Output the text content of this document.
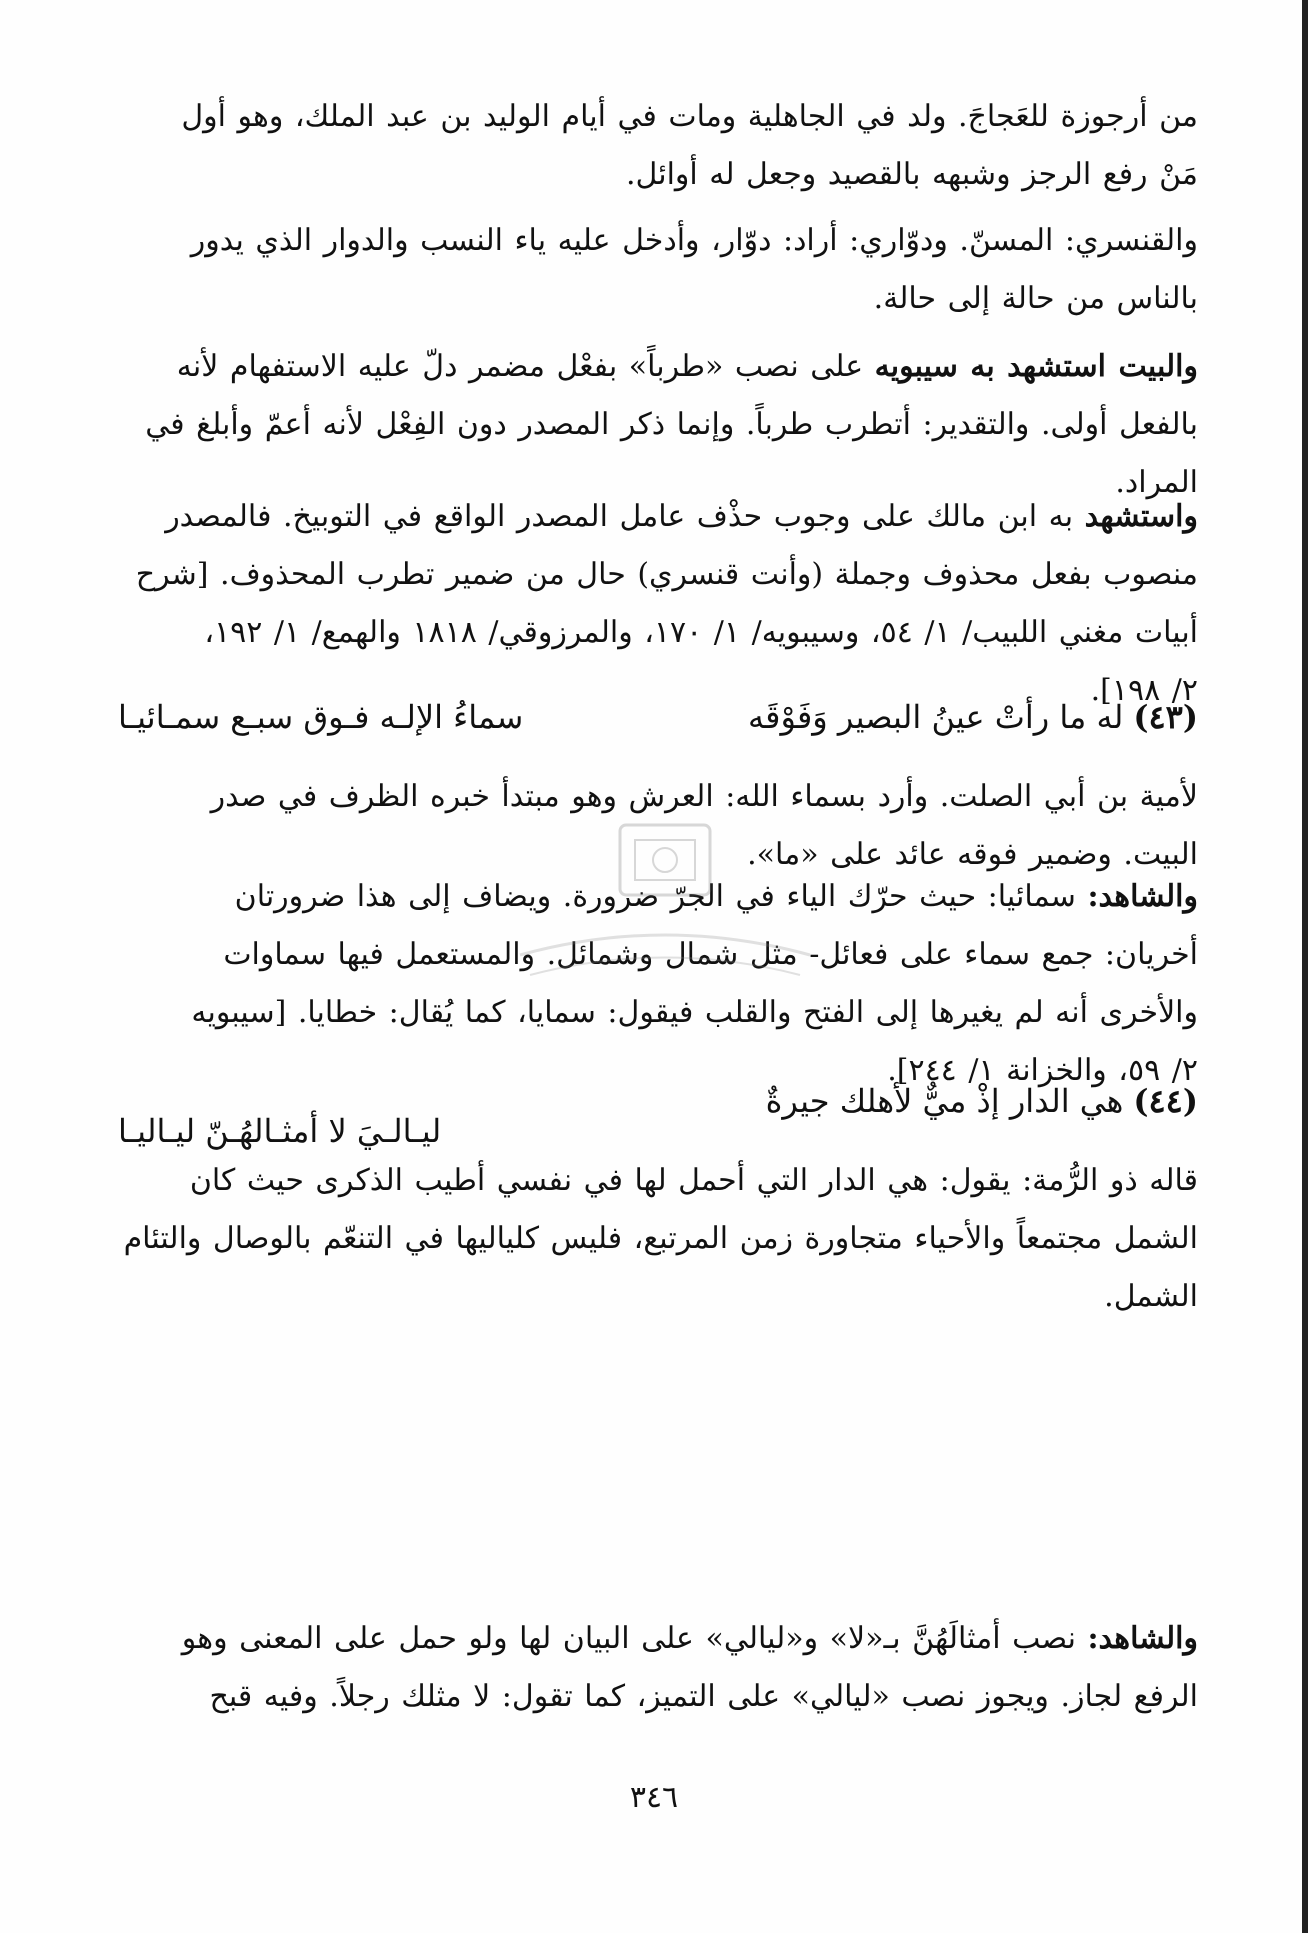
من أرجوزة للعَجاجَ. ولد في الجاهلية ومات في أيام الوليد بن عبد الملك، وهو أول
مَنْ رفع الرجز وشبهه بالقصيد وجعل له أوائل.
والقنسري: المسنّ. ودوّاري: أراد: دوّار، وأدخل عليه ياء النسب والدوار الذي يدور
بالناس من حالة إلى حالة.
والبيت استشهد به سيبويه على نصب «طرباً» بفعْل مضمر دلّ عليه الاستفهام لأنه
بالفعل أولى. والتقدير: أتطرب طرباً. وإنما ذكر المصدر دون الفِعْل لأنه أعمّ وأبلغ في
المراد.
واستشهد به ابن مالك على وجوب حذْف عامل المصدر الواقع في التوبيخ. فالمصدر
منصوب بفعل محذوف وجملة (وأنت قنسري) حال من ضمير تطرب المحذوف. [شرح
أبيات مغني اللبيب/ ١/ ٥٤، وسيبويه/ ١/ ١٧٠، والمرزوقي/ ١٨١٨ والهمع/ ١/ ١٩٢،
٢/ ١٩٨].
(٤٣)
له ما رأتْ عينُ البصير وَفَوْقَه
سماءُ الإلـه فـوق سبـع سمـائيـا
لأمية بن أبي الصلت. وأرد بسماء الله: العرش وهو مبتدأ خبره الظرف في صدر
البيت. وضمير فوقه عائد على «ما».
والشاهد: سمائيا: حيث حرّك الياء في الجرّ ضرورة. ويضاف إلى هذا ضرورتان
أخريان: جمع سماء على فعائل- مثل شمال وشمائل. والمستعمل فيها سماوات
والأخرى أنه لم يغيرها إلى الفتح والقلب فيقول: سمايا، كما يُقال: خطايا. [سيبويه
٢/ ٥٩، والخزانة ١/ ٢٤٤].
(٤٤)
هي الدار إذْ ميٌّ لأهلك جيرةٌ
ليـالـيَ لا أمثـالهُـنّ ليـاليـا
قاله ذو الرُّمة: يقول: هي الدار التي أحمل لها في نفسي أطيب الذكرى حيث كان
الشمل مجتمعاً والأحياء متجاورة زمن المرتبع، فليس كلياليها في التنعّم بالوصال والتئام
الشمل.
والشاهد: نصب أمثالَهُنَّ بـ«لا» و«ليالي» على البيان لها ولو حمل على المعنى وهو
الرفع لجاز. ويجوز نصب «ليالي» على التميز، كما تقول: لا مثلك رجلاً. وفيه قبح
٣٤٦
